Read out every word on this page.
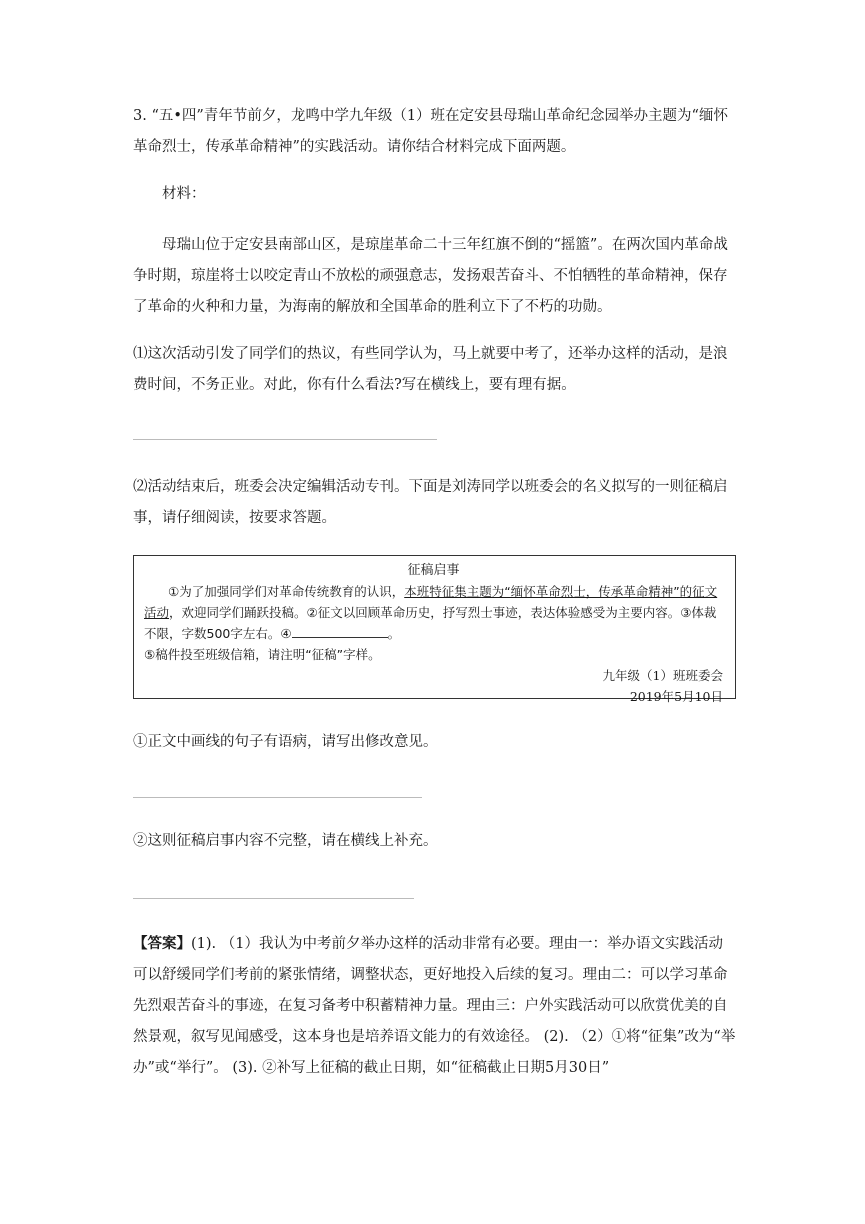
3. “五•四”青年节前夕，龙鸣中学九年级（1）班在定安县母瑞山革命纪念园举办主题为“缅怀革命烈士，传承革命精神”的实践活动。请你结合材料完成下面两题。

材料：

母瑞山位于定安县南部山区，是琼崖革命二十三年红旗不倒的“摇篮”。在两次国内革命战争时期，琼崖将士以咬定青山不放松的顽强意志，发扬艰苦奋斗、不怕牺牲的革命精神，保存了革命的火种和力量，为海南的解放和全国革命的胜利立下了不朽的功勋。

⑴这次活动引发了同学们的热议，有些同学认为，马上就要中考了，还举办这样的活动，是浪费时间，不务正业。对此，你有什么看法?写在横线上，要有理有据。

⑵活动结束后，班委会决定编辑活动专刊。下面是刘涛同学以班委会的名义拟写的一则征稿启事，请仔细阅读，按要求答题。

征稿启事
①为了加强同学们对革命传统教育的认识，本班特征集主题为“缅怀革命烈士，传承革命精神”的征文活动，欢迎同学们踊跃投稿。②征文以回顾革命历史，抒写烈士事迹，表达体验感受为主要内容。③体裁不限，字数500字左右。④	。
⑤稿件投至班级信箱，请注明“征稿”字样。
九年级（1）班班委会
2019年5月10日

①正文中画线的句子有语病，请写出修改意见。

②这则征稿启事内容不完整，请在横线上补充。

【答案】(1). （1）我认为中考前夕举办这样的活动非常有必要。理由一：举办语文实践活动可以舒缓同学们考前的紧张情绪，调整状态，更好地投入后续的复习。理由二：可以学习革命先烈艰苦奋斗的事迹，在复习备考中积蓄精神力量。理由三：户外实践活动可以欣赏优美的自然景观，叙写见闻感受，这本身也是培养语文能力的有效途径。 (2). （2）①将“征集”改为“举办”或“举行”。 (3). ②补写上征稿的截止日期，如“征稿截止日期5月30日”
